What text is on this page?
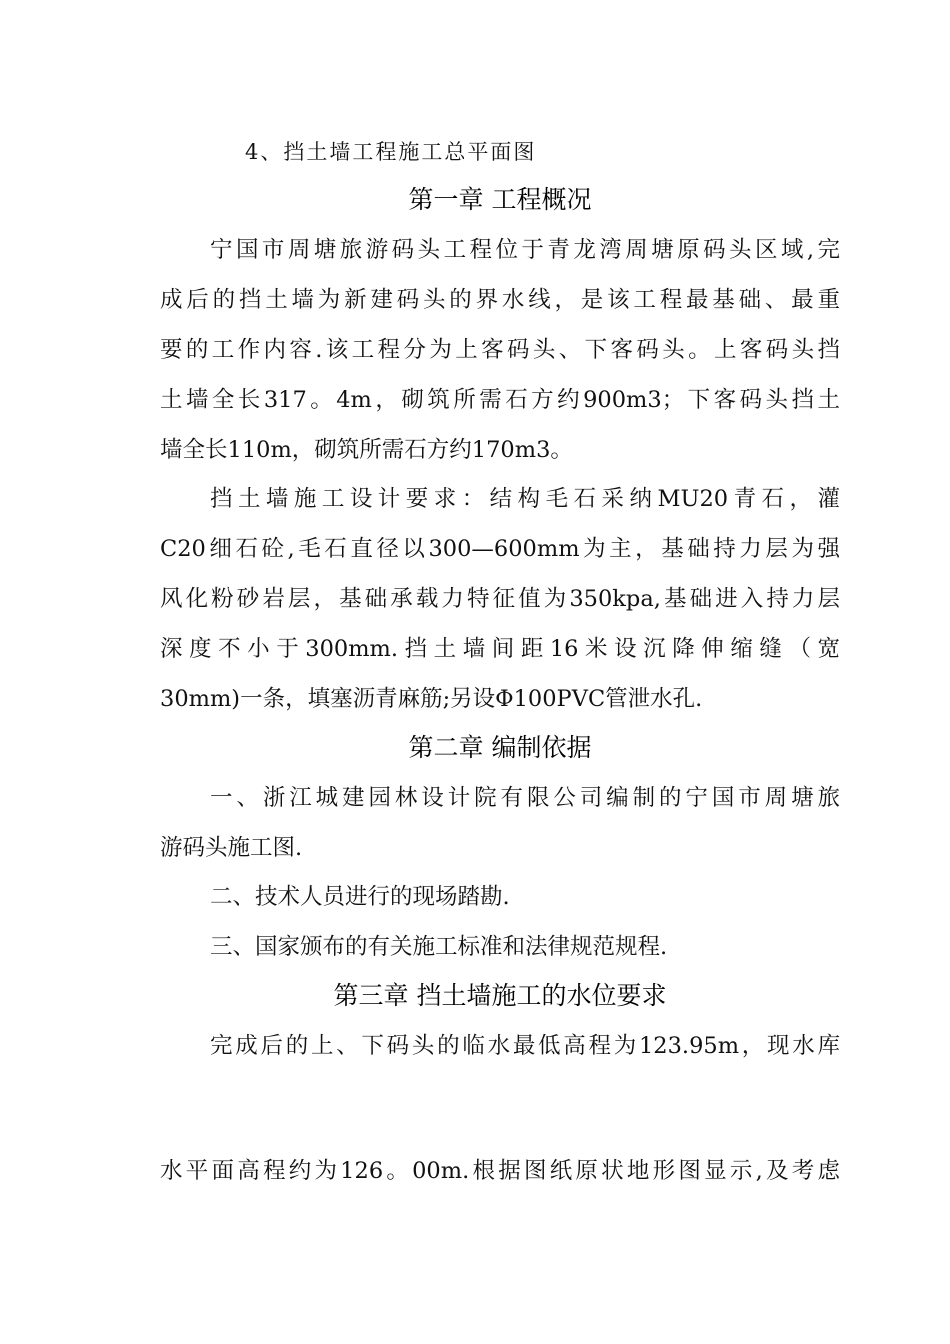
4、挡土墙工程施工总平面图
第一章 工程概况
宁国市周塘旅游码头工程位于青龙湾周塘原码头区域,完
成后的挡土墙为新建码头的界水线，是该工程最基础、最重
要的工作内容.该工程分为上客码头、下客码头。上客码头挡
土墙全长317。4m，砌筑所需石方约900m3；下客码头挡土
墙全长110m，砌筑所需石方约170m3。
挡土墙施工设计要求：结构毛石采纳MU20青石，灌
C20细石砼,毛石直径以300—600mm为主，基础持力层为强
风化粉砂岩层，基础承载力特征值为350kpa,基础进入持力层
深度不小于300mm.挡土墙间距16米设沉降伸缩缝（宽
30mm)一条，填塞沥青麻筋;另设Φ100PVC管泄水孔.
第二章 编制依据
一、浙江城建园林设计院有限公司编制的宁国市周塘旅
游码头施工图.
二、技术人员进行的现场踏勘.
三、国家颁布的有关施工标准和法律规范规程.
第三章 挡土墙施工的水位要求
完成后的上、下码头的临水最低高程为123.95m，现水库
水平面高程约为126。00m.根据图纸原状地形图显示,及考虑
